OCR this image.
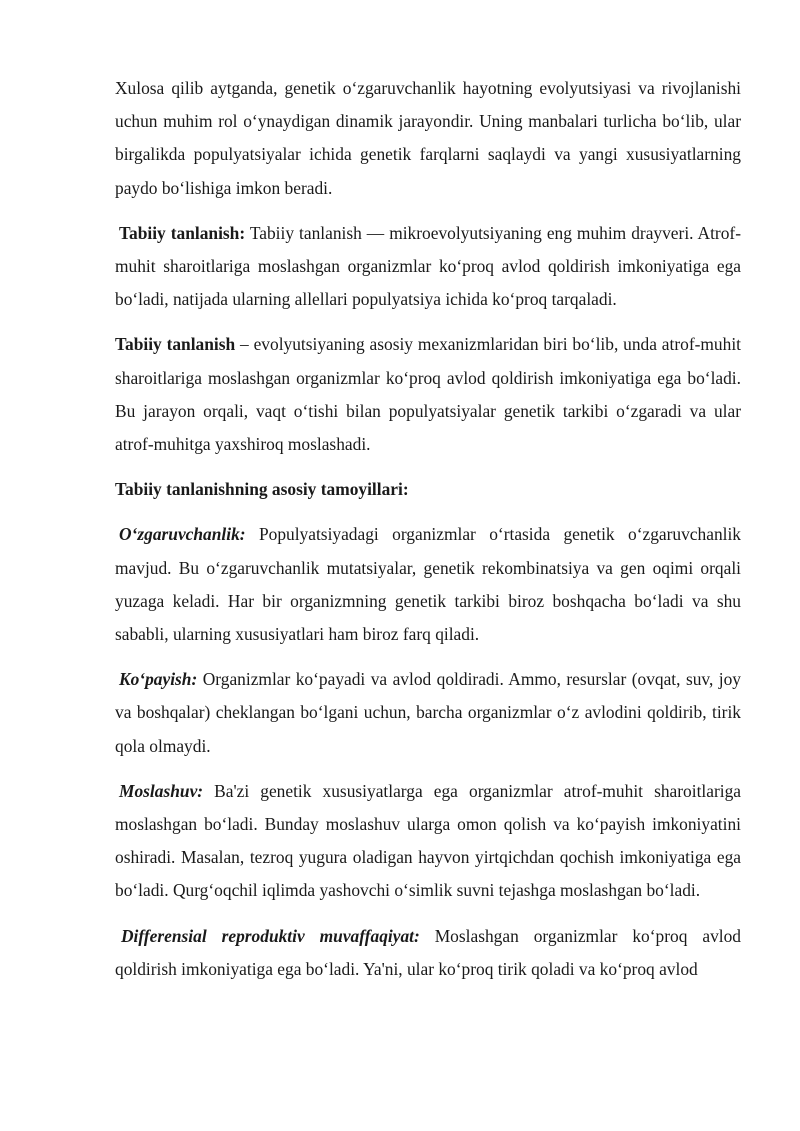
Xulosa qilib aytganda, genetik o‘zgaruvchanlik hayotning evolyutsiyasi va rivojlanishi uchun muhim rol o‘ynaydigan dinamik jarayondir. Uning manbalari turlicha bo‘lib, ular birgalikda populyatsiyalar ichida genetik farqlarni saqlaydi va yangi xususiyatlarning paydo bo‘lishiga imkon beradi.

Tabiiy tanlanish: Tabiiy tanlanish — mikroevolyutsiyaning eng muhim drayveri. Atrof-muhit sharoitlariga moslashgan organizmlar ko‘proq avlod qoldirish imkoniyatiga ega bo‘ladi, natijada ularning allellari populyatsiya ichida ko‘proq tarqaladi.

Tabiiy tanlanish – evolyutsiyaning asosiy mexanizmlaridan biri bo‘lib, unda atrof-muhit sharoitlariga moslashgan organizmlar ko‘proq avlod qoldirish imkoniyatiga ega bo‘ladi. Bu jarayon orqali, vaqt o‘tishi bilan populyatsiyalar genetik tarkibi o‘zgaradi va ular atrof-muhitga yaxshiroq moslashadi.

Tabiiy tanlanishning asosiy tamoyillari:

O‘zgaruvchanlik: Populyatsiyadagi organizmlar o‘rtasida genetik o‘zgaruvchanlik mavjud. Bu o‘zgaruvchanlik mutatsiyalar, genetik rekombinatsiya va gen oqimi orqali yuzaga keladi. Har bir organizmning genetik tarkibi biroz boshqacha bo‘ladi va shu sababli, ularning xususiyatlari ham biroz farq qiladi.

Ko‘payish: Organizmlar ko‘payadi va avlod qoldiradi. Ammo, resurslar (ovqat, suv, joy va boshqalar) cheklangan bo‘lgani uchun, barcha organizmlar o‘z avlodini qoldirib, tirik qola olmaydi.

Moslashuv: Ba'zi genetik xususiyatlarga ega organizmlar atrof-muhit sharoitlariga moslashgan bo‘ladi. Bunday moslashuv ularga omon qolish va ko‘payish imkoniyatini oshiradi. Masalan, tezroq yugura oladigan hayvon yirtqichdan qochish imkoniyatiga ega bo‘ladi. Qurg‘oqchil iqlimda yashovchi o‘simlik suvni tejashga moslashgan bo‘ladi.

Differensial reproduktiv muvaffaqiyat: Moslashgan organizmlar ko‘proq avlod qoldirish imkoniyatiga ega bo‘ladi. Ya'ni, ular ko‘proq tirik qoladi va ko‘proq avlod
